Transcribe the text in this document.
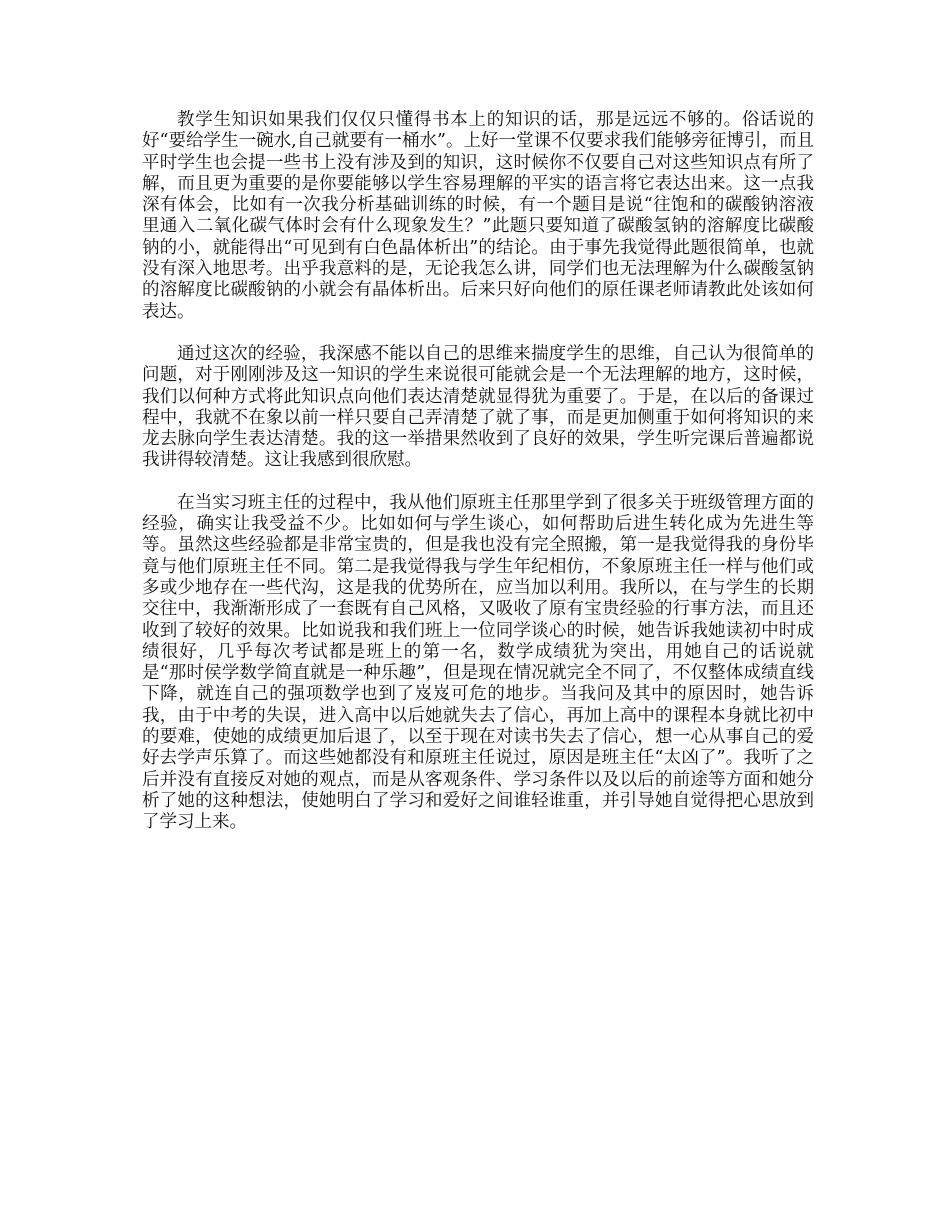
教学生知识如果我们仅仅只懂得书本上的知识的话，那是远远不够的。俗话说的好“要给学生一碗水,自己就要有一桶水”。上好一堂课不仅要求我们能够旁征博引，而且平时学生也会提一些书上没有涉及到的知识，这时候你不仅要自己对这些知识点有所了解，而且更为重要的是你要能够以学生容易理解的平实的语言将它表达出来。这一点我深有体会，比如有一次我分析基础训练的时候，有一个题目是说“往饱和的碳酸钠溶液里通入二氧化碳气体时会有什么现象发生？”此题只要知道了碳酸氢钠的溶解度比碳酸钠的小，就能得出“可见到有白色晶体析出”的结论。由于事先我觉得此题很简单，也就没有深入地思考。出乎我意料的是，无论我怎么讲，同学们也无法理解为什么碳酸氢钠的溶解度比碳酸钠的小就会有晶体析出。后来只好向他们的原任课老师请教此处该如何表达。

通过这次的经验，我深感不能以自己的思维来揣度学生的思维，自己认为很简单的问题，对于刚刚涉及这一知识的学生来说很可能就会是一个无法理解的地方，这时候，我们以何种方式将此知识点向他们表达清楚就显得犹为重要了。于是，在以后的备课过程中，我就不在象以前一样只要自己弄清楚了就了事，而是更加侧重于如何将知识的来龙去脉向学生表达清楚。我的这一举措果然收到了良好的效果，学生听完课后普遍都说我讲得较清楚。这让我感到很欣慰。

在当实习班主任的过程中，我从他们原班主任那里学到了很多关于班级管理方面的经验，确实让我受益不少。比如如何与学生谈心，如何帮助后进生转化成为先进生等等。虽然这些经验都是非常宝贵的，但是我也没有完全照搬，第一是我觉得我的身份毕竟与他们原班主任不同。第二是我觉得我与学生年纪相仿，不象原班主任一样与他们或多或少地存在一些代沟，这是我的优势所在，应当加以利用。我所以，在与学生的长期交往中，我渐渐形成了一套既有自己风格，又吸收了原有宝贵经验的行事方法，而且还收到了较好的效果。比如说我和我们班上一位同学谈心的时候，她告诉我她读初中时成绩很好，几乎每次考试都是班上的第一名，数学成绩犹为突出，用她自己的话说就是“那时侯学数学简直就是一种乐趣”，但是现在情况就完全不同了，不仅整体成绩直线下降，就连自己的强项数学也到了岌岌可危的地步。当我问及其中的原因时，她告诉我，由于中考的失误，进入高中以后她就失去了信心，再加上高中的课程本身就比初中的要难，使她的成绩更加后退了，以至于现在对读书失去了信心，想一心从事自己的爱好去学声乐算了。而这些她都没有和原班主任说过，原因是班主任“太凶了”。我听了之后并没有直接反对她的观点，而是从客观条件、学习条件以及以后的前途等方面和她分析了她的这种想法，使她明白了学习和爱好之间谁轻谁重，并引导她自觉得把心思放到了学习上来。
